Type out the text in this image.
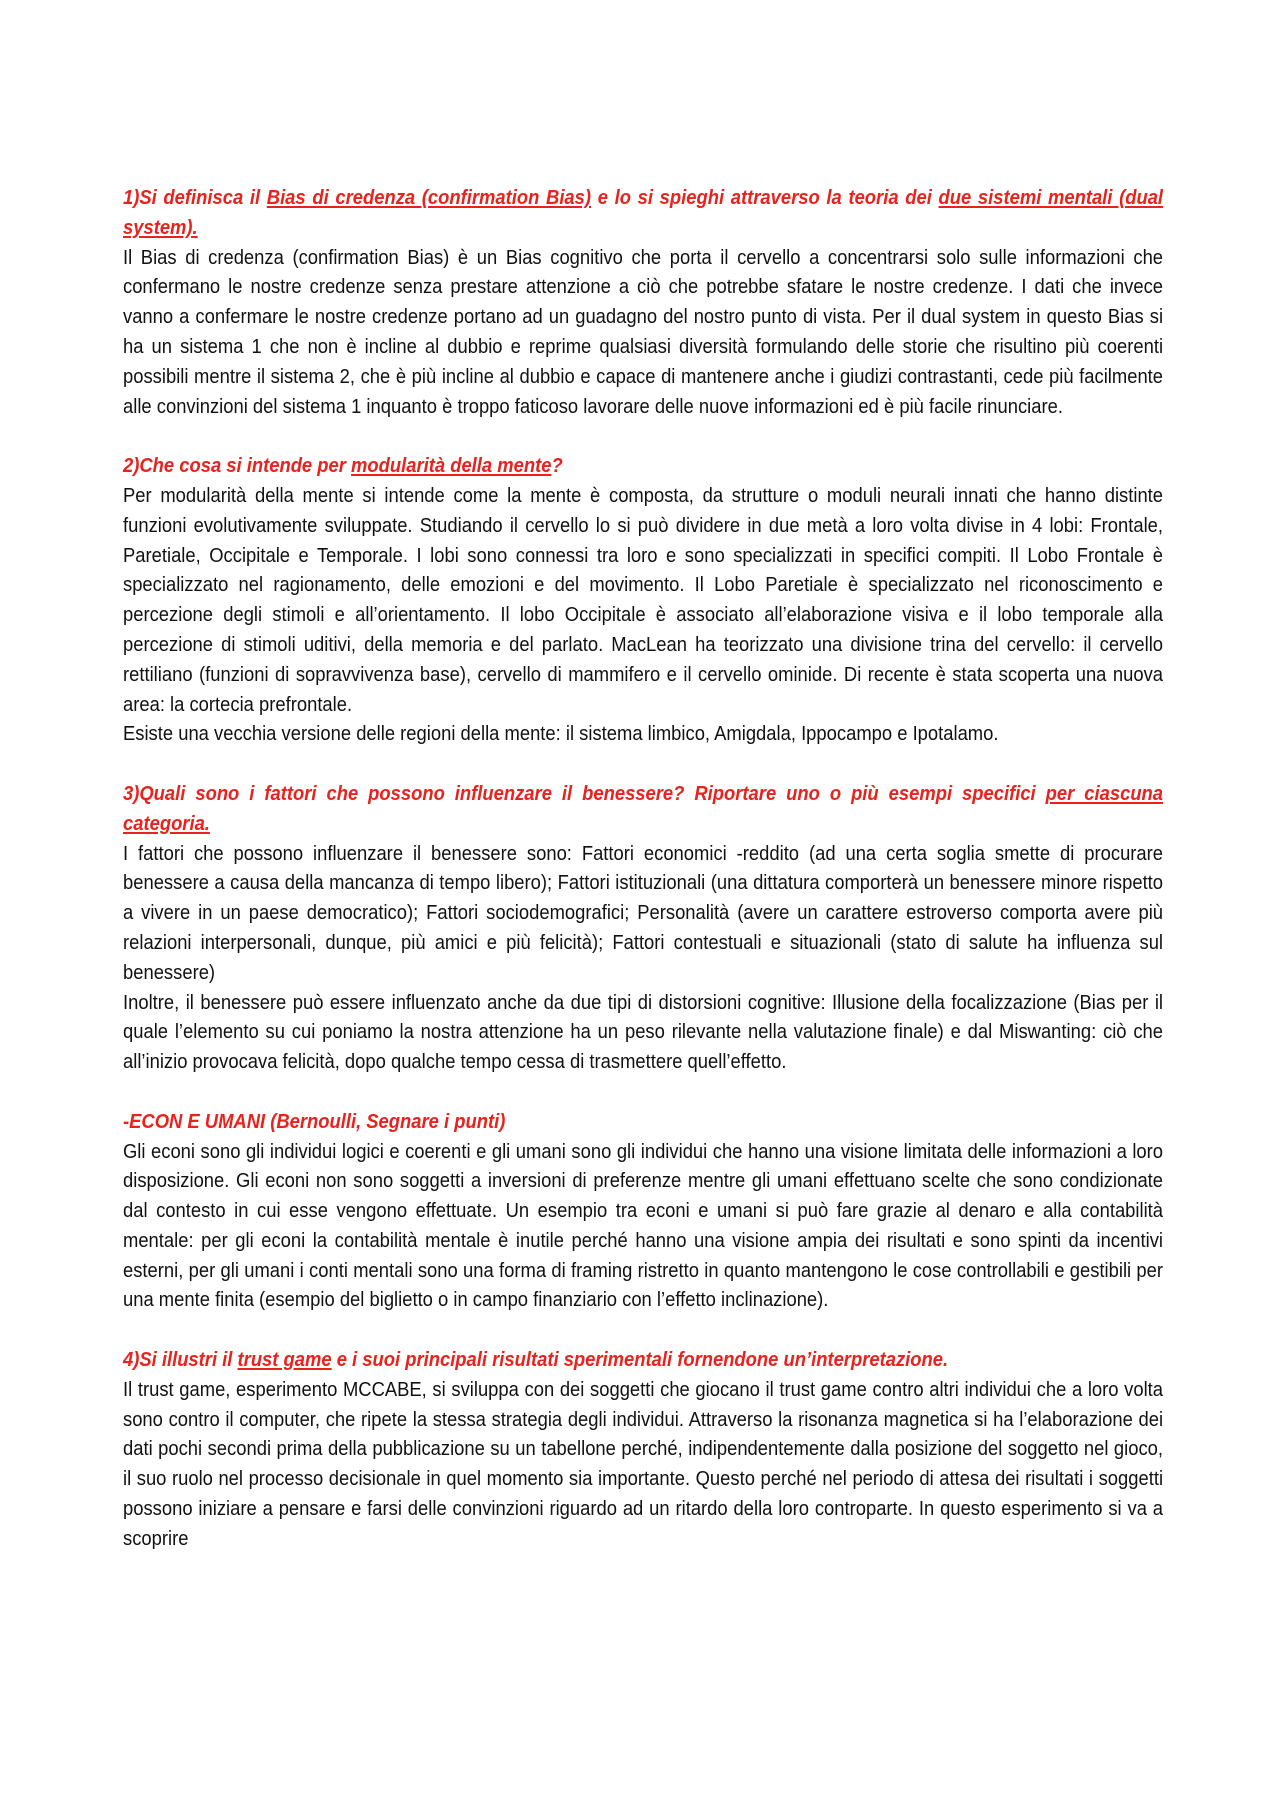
1)Si definisca il Bias di credenza (confirmation Bias) e lo si spieghi attraverso la teoria dei due sistemi mentali (dual system).

Il Bias di credenza (confirmation Bias) è un Bias cognitivo che porta il cervello a concentrarsi solo sulle informazioni che confermano le nostre credenze senza prestare attenzione a ciò che potrebbe sfatare le nostre credenze. I dati che invece vanno a confermare le nostre credenze portano ad un guadagno del nostro punto di vista. Per il dual system in questo Bias si ha un sistema 1 che non è incline al dubbio e reprime qualsiasi diversità formulando delle storie che risultino più coerenti possibili mentre il sistema 2, che è più incline al dubbio e capace di mantenere anche i giudizi contrastanti, cede più facilmente alle convinzioni del sistema 1 inquanto è troppo faticoso lavorare delle nuove informazioni ed è più facile rinunciare.

2)Che cosa si intende per modularità della mente?

Per modularità della mente si intende come la mente è composta, da strutture o moduli neurali innati che hanno distinte funzioni evolutivamente sviluppate. Studiando il cervello lo si può dividere in due metà a loro volta divise in 4 lobi: Frontale, Paretiale, Occipitale e Temporale. I lobi sono connessi tra loro e sono specializzati in specifici compiti. Il Lobo Frontale è specializzato nel ragionamento, delle emozioni e del movimento. Il Lobo Paretiale è specializzato nel riconoscimento e percezione degli stimoli e all’orientamento. Il lobo Occipitale è associato all’elaborazione visiva e il lobo temporale alla percezione di stimoli uditivi, della memoria e del parlato. MacLean ha teorizzato una divisione trina del cervello: il cervello rettiliano (funzioni di sopravvivenza base), cervello di mammifero e il cervello ominide. Di recente è stata scoperta una nuova area: la cortecia prefrontale.

Esiste una vecchia versione delle regioni della mente: il sistema limbico, Amigdala, Ippocampo e Ipotalamo.

3)Quali sono i fattori che possono influenzare il benessere? Riportare uno o più esempi specifici per ciascuna categoria.

I fattori che possono influenzare il benessere sono: Fattori economici -reddito (ad una certa soglia smette di procurare benessere a causa della mancanza di tempo libero); Fattori istituzionali (una dittatura comporterà un benessere minore rispetto a vivere in un paese democratico); Fattori sociodemografici; Personalità (avere un carattere estroverso comporta avere più relazioni interpersonali, dunque, più amici e più felicità); Fattori contestuali e situazionali (stato di salute ha influenza sul benessere)

Inoltre, il benessere può essere influenzato anche da due tipi di distorsioni cognitive: Illusione della focalizzazione (Bias per il quale l’elemento su cui poniamo la nostra attenzione ha un peso rilevante nella valutazione finale) e dal Miswanting: ciò che all’inizio provocava felicità, dopo qualche tempo cessa di trasmettere quell’effetto.

-ECON E UMANI (Bernoulli, Segnare i punti)

Gli econi sono gli individui logici e coerenti e gli umani sono gli individui che hanno una visione limitata delle informazioni a loro disposizione. Gli econi non sono soggetti a inversioni di preferenze mentre gli umani effettuano scelte che sono condizionate dal contesto in cui esse vengono effettuate. Un esempio tra econi e umani si può fare grazie al denaro e alla contabilità mentale: per gli econi la contabilità mentale è inutile perché hanno una visione ampia dei risultati e sono spinti da incentivi esterni, per gli umani i conti mentali sono una forma di framing ristretto in quanto mantengono le cose controllabili e gestibili per una mente finita (esempio del biglietto o in campo finanziario con l’effetto inclinazione).

4)Si illustri il trust game e i suoi principali risultati sperimentali fornendone un’interpretazione.

Il trust game, esperimento MCCABE, si sviluppa con dei soggetti che giocano il trust game contro altri individui che a loro volta sono contro il computer, che ripete la stessa strategia degli individui. Attraverso la risonanza magnetica si ha l’elaborazione dei dati pochi secondi prima della pubblicazione su un tabellone perché, indipendentemente dalla posizione del soggetto nel gioco, il suo ruolo nel processo decisionale in quel momento sia importante. Questo perché nel periodo di attesa dei risultati i soggetti possono iniziare a pensare e farsi delle convinzioni riguardo ad un ritardo della loro controparte. In questo esperimento si va a scoprire
